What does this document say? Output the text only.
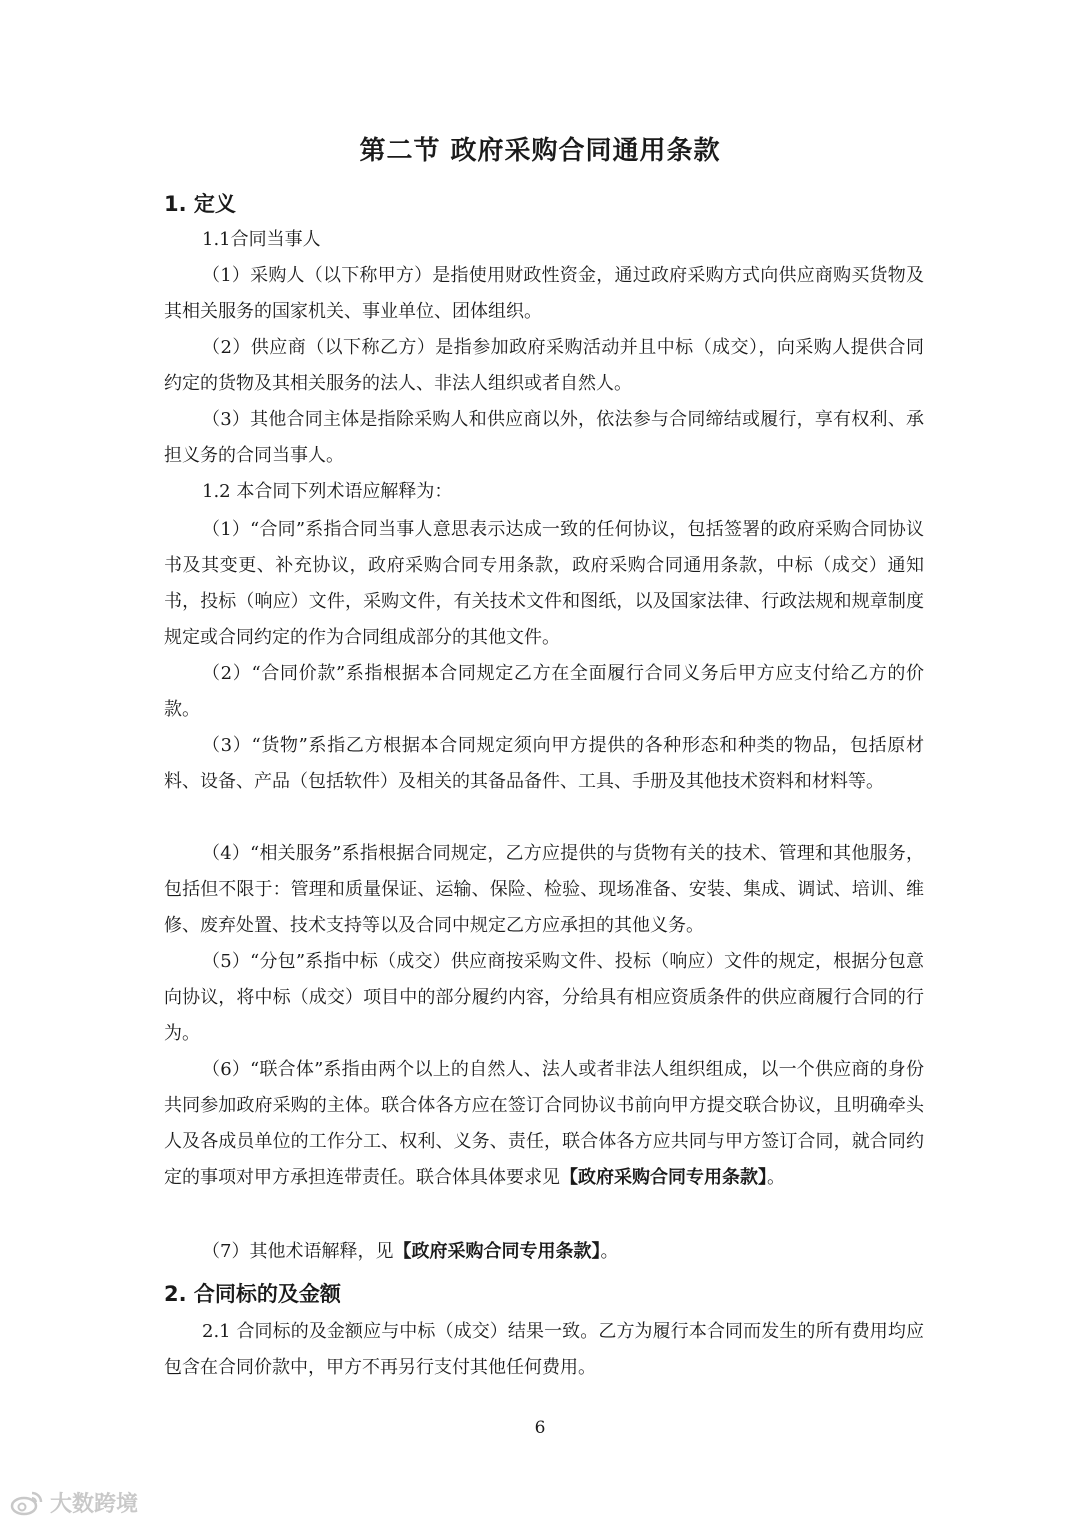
第二节 政府采购合同通用条款
1. 定义
1.1合同当事人
（1）采购人（以下称甲方）是指使用财政性资金，通过政府采购方式向供应商购买货物及其相关服务的国家机关、事业单位、团体组织。
（2）供应商（以下称乙方）是指参加政府采购活动并且中标（成交），向采购人提供合同约定的货物及其相关服务的法人、非法人组织或者自然人。
（3）其他合同主体是指除采购人和供应商以外，依法参与合同缔结或履行，享有权利、承担义务的合同当事人。
1.2 本合同下列术语应解释为：
（1）“合同”系指合同当事人意思表示达成一致的任何协议，包括签署的政府采购合同协议书及其变更、补充协议，政府采购合同专用条款，政府采购合同通用条款，中标（成交）通知书，投标（响应）文件，采购文件，有关技术文件和图纸，以及国家法律、行政法规和规章制度规定或合同约定的作为合同组成部分的其他文件。
（2）“合同价款”系指根据本合同规定乙方在全面履行合同义务后甲方应支付给乙方的价款。
（3）“货物”系指乙方根据本合同规定须向甲方提供的各种形态和种类的物品，包括原材料、设备、产品（包括软件）及相关的其备品备件、工具、手册及其他技术资料和材料等。
（4）“相关服务”系指根据合同规定，乙方应提供的与货物有关的技术、管理和其他服务，包括但不限于：管理和质量保证、运输、保险、检验、现场准备、安装、集成、调试、培训、维修、废弃处置、技术支持等以及合同中规定乙方应承担的其他义务。
（5）“分包”系指中标（成交）供应商按采购文件、投标（响应）文件的规定，根据分包意向协议，将中标（成交）项目中的部分履约内容，分给具有相应资质条件的供应商履行合同的行为。
（6）“联合体”系指由两个以上的自然人、法人或者非法人组织组成，以一个供应商的身份共同参加政府采购的主体。联合体各方应在签订合同协议书前向甲方提交联合协议，且明确牵头人及各成员单位的工作分工、权利、义务、责任，联合体各方应共同与甲方签订合同，就合同约定的事项对甲方承担连带责任。联合体具体要求见【政府采购合同专用条款】。
（7）其他术语解释，见【政府采购合同专用条款】。
2. 合同标的及金额
2.1 合同标的及金额应与中标（成交）结果一致。乙方为履行本合同而发生的所有费用均应包含在合同价款中，甲方不再另行支付其他任何费用。
6
大数跨境
